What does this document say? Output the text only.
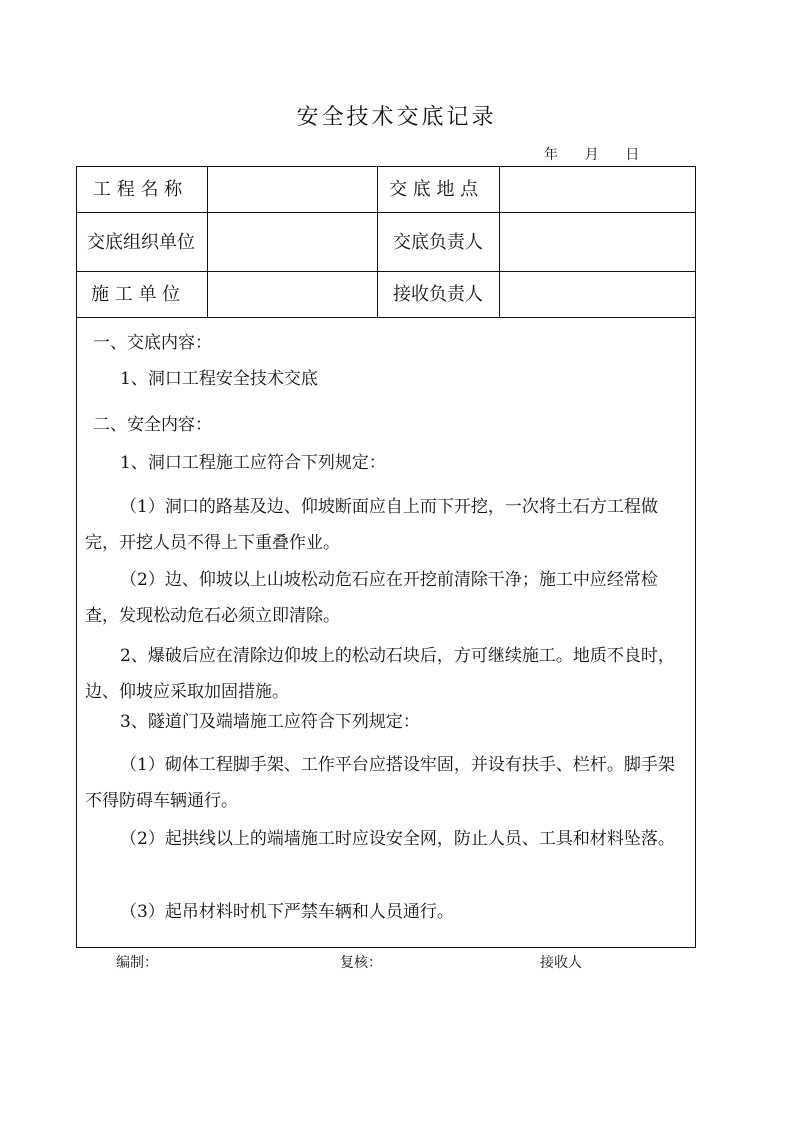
安全技术交底记录
年      月      日
工 程 名 称	交 底 地 点
交底组织单位	交底负责人
施 工 单 位	接收负责人

一、交底内容：

1、洞口工程安全技术交底

二、安全内容：

1、洞口工程施工应符合下列规定：

（1）洞口的路基及边、仰坡断面应自上而下开挖，一次将土石方工程做完，开挖人员不得上下重叠作业。

（2）边、仰坡以上山坡松动危石应在开挖前清除干净；施工中应经常检查，发现松动危石必须立即清除。

2、爆破后应在清除边仰坡上的松动石块后，方可继续施工。地质不良时，边、仰坡应采取加固措施。

3、隧道门及端墙施工应符合下列规定：

（1）砌体工程脚手架、工作平台应搭设牢固，并设有扶手、栏杆。脚手架不得防碍车辆通行。

（2）起拱线以上的端墙施工时应设安全网，防止人员、工具和材料坠落。

（3）起吊材料时机下严禁车辆和人员通行。

编制：	复核：	接收人
